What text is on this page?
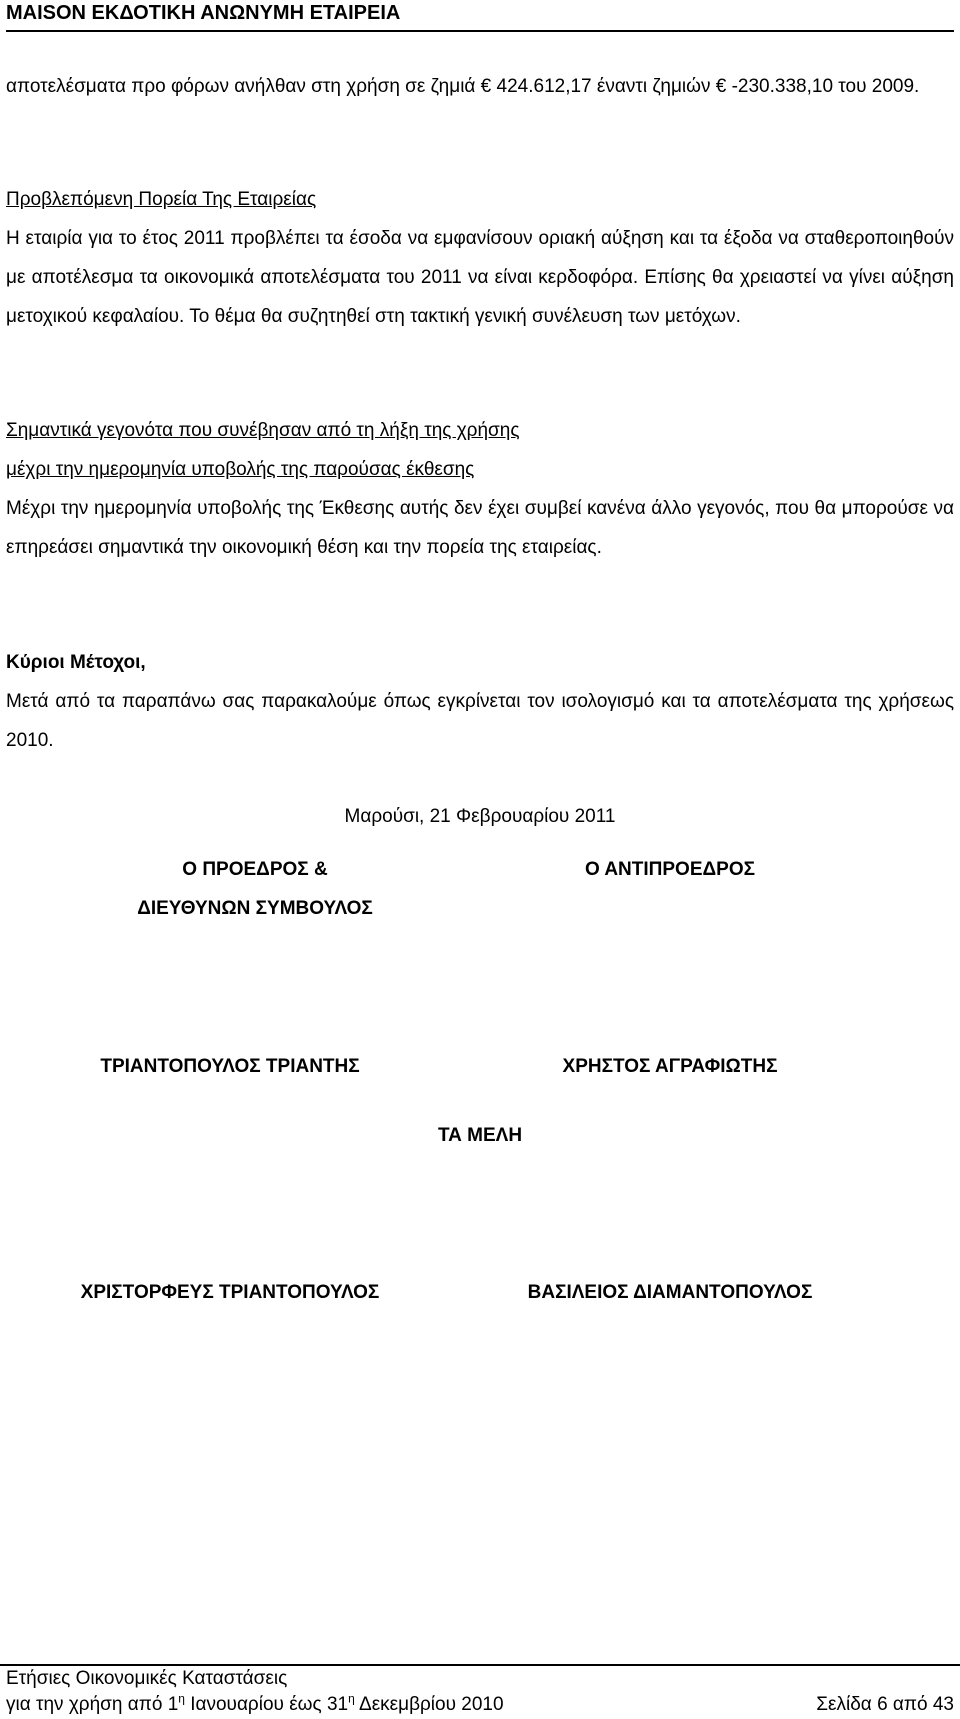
MAISON ΕΚΔΟΤΙΚΗ ΑΝΩΝΥΜΗ ΕΤΑΙΡΕΙΑ

αποτελέσματα προ φόρων ανήλθαν στη χρήση σε ζημιά € 424.612,17 έναντι ζημιών € -230.338,10 του 2009.

Προβλεπόμενη Πορεία Της Εταιρείας

Η εταιρία για το έτος 2011 προβλέπει τα έσοδα να εμφανίσουν οριακή αύξηση και τα έξοδα να σταθεροποιηθούν με αποτέλεσμα τα οικονομικά αποτελέσματα του 2011 να είναι κερδοφόρα. Επίσης θα χρειαστεί να γίνει αύξηση μετοχικού κεφαλαίου. Το θέμα θα συζητηθεί στη τακτική γενική συνέλευση των μετόχων.

Σημαντικά γεγονότα που συνέβησαν από τη λήξη της χρήσης

μέχρι την ημερομηνία υποβολής της παρούσας έκθεσης

Μέχρι την ημερομηνία υποβολής της Έκθεσης αυτής δεν έχει συμβεί κανένα άλλο γεγονός, που θα μπορούσε να επηρεάσει σημαντικά την οικονομική θέση και την πορεία της εταιρείας.

Κύριοι Μέτοχοι,

Μετά από τα παραπάνω σας παρακαλούμε όπως εγκρίνεται τον ισολογισμό και τα αποτελέσματα της χρήσεως 2010.

Μαρούσι, 21 Φεβρουαρίου 2011

Ο ΠΡΟΕΔΡΟΣ &
ΔΙΕΥΘΥΝΩΝ ΣΥΜΒΟΥΛΟΣ
Ο ΑΝΤΙΠΡΟΕΔΡΟΣ
ΤΡΙΑΝΤΟΠΟΥΛΟΣ ΤΡΙΑΝΤΗΣ	ΧΡΗΣΤΟΣ ΑΓΡΑΦΙΩΤΗΣ
ΤΑ ΜΕΛΗ
ΧΡΙΣΤΟΡΦΕΥΣ ΤΡΙΑΝΤΟΠΟΥΛΟΣ	ΒΑΣΙΛΕΙΟΣ ΔΙΑΜΑΝΤΟΠΟΥΛΟΣ
Ετήσιες Οικονομικές Καταστάσεις
για την χρήση από $1^\eta$ Ιανουαρίου έως $31^\eta$ Δεκεμβρίου 2010	Σελίδα 6 από 43
